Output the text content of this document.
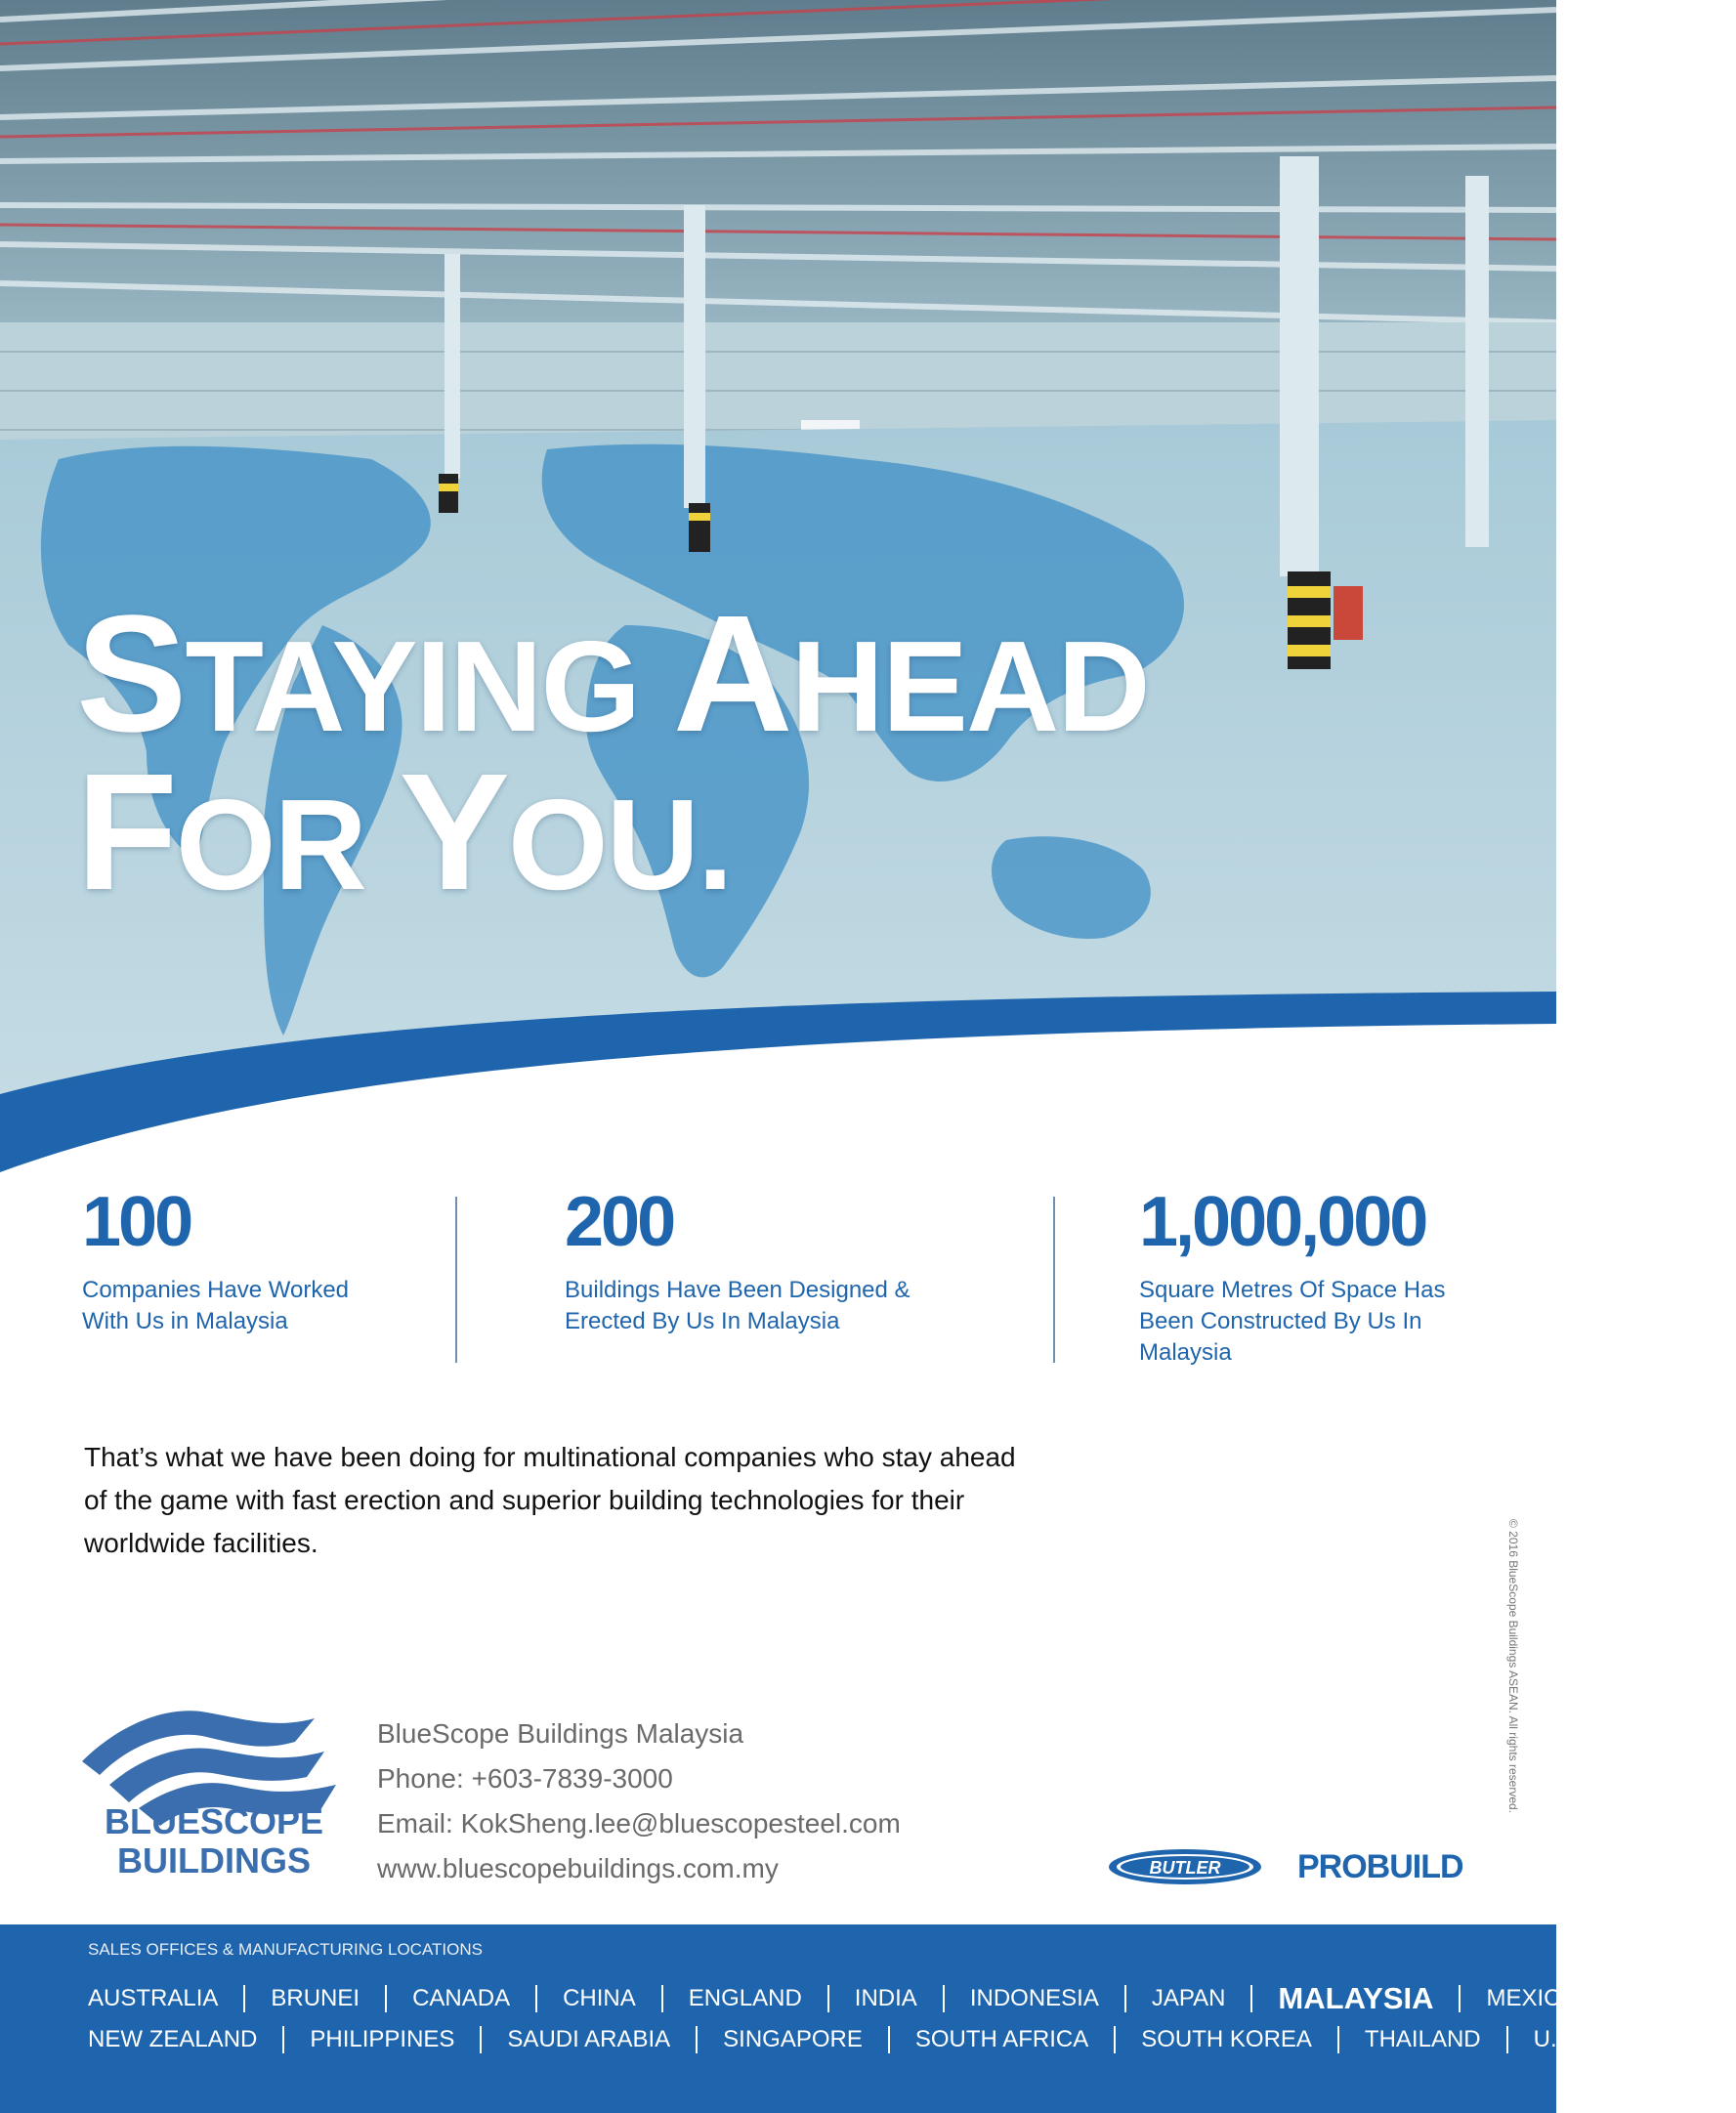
STAYING AHEAD
FOR YOU.
100
Companies Have Worked With Us in Malaysia
200
Buildings Have Been Designed & Erected By Us In Malaysia
1,000,000
Square Metres Of Space Has Been Constructed By Us In Malaysia
That’s what we have been doing for multinational companies who stay ahead of the game with fast erection and superior building technologies for their worldwide facilities.
BLUESCOPE
BUILDINGS
BlueScope Buildings Malaysia
Phone: +603-7839-3000
Email: KokSheng.lee@bluescopesteel.com
www.bluescopebuildings.com.my
© 2016 BlueScope Buildings ASEAN. All rights reserved.
BUTLER PROBUILD
SALES OFFICES & MANUFACTURING LOCATIONS
AUSTRALIA BRUNEI CANADA CHINA ENGLAND INDIA INDONESIA JAPAN MALAYSIA MEXICO
NEW ZEALAND PHILIPPINES SAUDI ARABIA SINGAPORE SOUTH AFRICA SOUTH KOREA THAILAND U.S. VIETNAM
